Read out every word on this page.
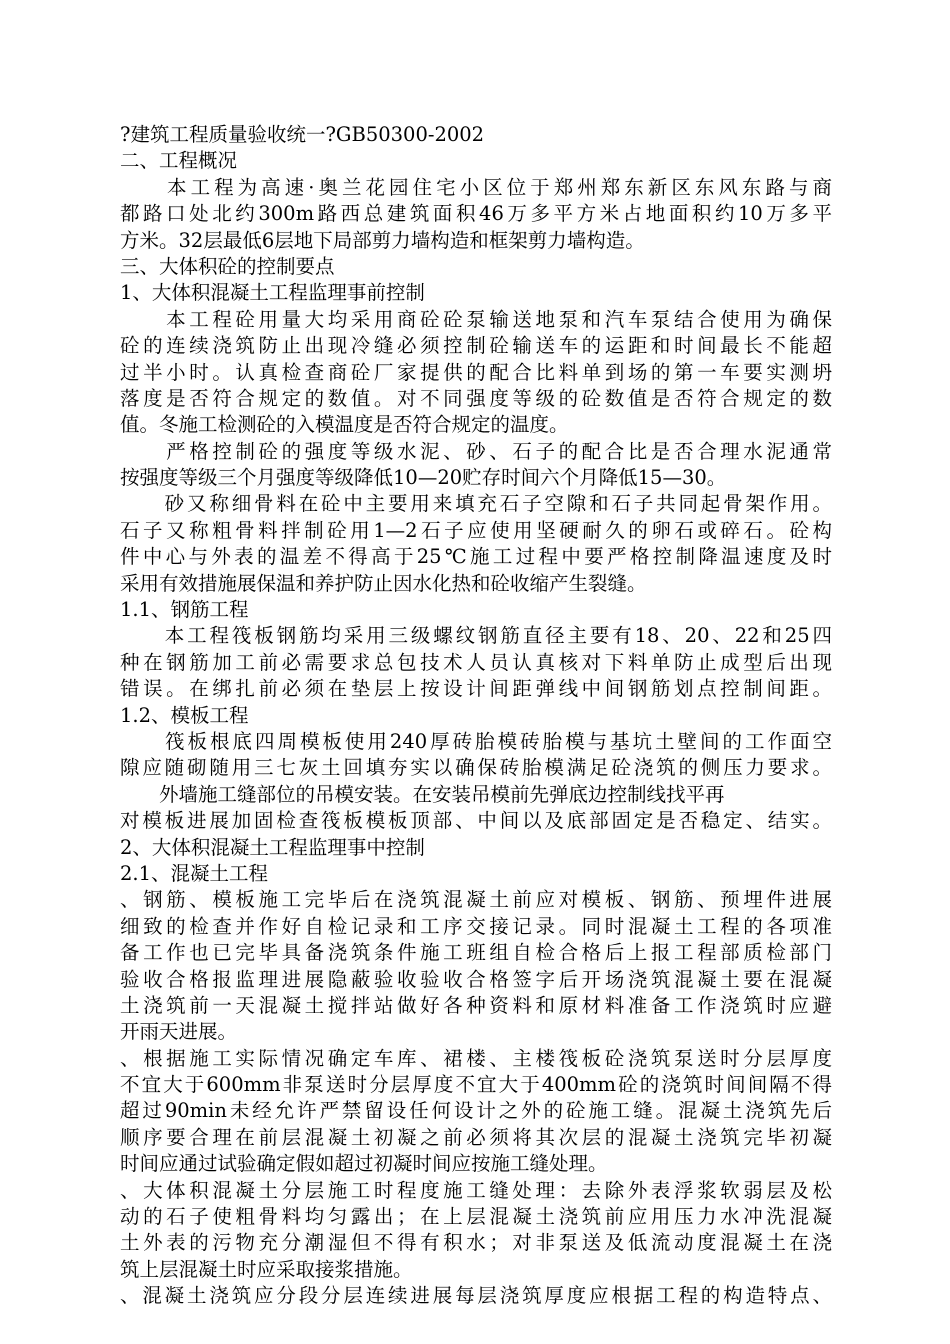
?建筑工程质量验收统一?GB50300-2002

二、工程概况

　　本工程为高速·奥兰花园住宅小区位于郑州郑东新区东风东路与商

都路口处北约300m路西总建筑面积46万多平方米占地面积约10万多平

方米。32层最低6层地下局部剪力墙构造和框架剪力墙构造。

三、大体积砼的控制要点

1、大体积混凝土工程监理事前控制

　　本工程砼用量大均采用商砼砼泵输送地泵和汽车泵结合使用为确保

砼的连续浇筑防止出现冷缝必须控制砼输送车的运距和时间最长不能超

过半小时。认真检查商砼厂家提供的配合比料单到场的第一车要实测坍

落度是否符合规定的数值。对不同强度等级的砼数值是否符合规定的数

值。冬施工检测砼的入模温度是否符合规定的温度。

　　严格控制砼的强度等级水泥、砂、石子的配合比是否合理水泥通常

按强度等级三个月强度等级降低10—20贮存时间六个月降低15—30。

　　砂又称细骨料在砼中主要用来填充石子空隙和石子共同起骨架作用。

石子又称粗骨料拌制砼用1—2石子应使用坚硬耐久的卵石或碎石。砼构

件中心与外表的温差不得高于25℃施工过程中要严格控制降温速度及时

采用有效措施展保温和养护防止因水化热和砼收缩产生裂缝。

1.1、钢筋工程

　　本工程筏板钢筋均采用三级螺纹钢筋直径主要有18、20、22和25四

种在钢筋加工前必需要求总包技术人员认真核对下料单防止成型后出现

错误。在绑扎前必须在垫层上按设计间距弹线中间钢筋划点控制间距。

1.2、模板工程

　　筏板根底四周模板使用240厚砖胎模砖胎模与基坑土壁间的工作面空

隙应随砌随用三七灰土回填夯实以确保砖胎模满足砼浇筑的侧压力要求。

　　外墙施工缝部位的吊模安装。在安装吊模前先弹底边控制线找平再

对模板进展加固检查筏板模板顶部、中间以及底部固定是否稳定、结实。

2、大体积混凝土工程监理事中控制

2.1、混凝土工程

、钢筋、模板施工完毕后在浇筑混凝土前应对模板、钢筋、预埋件进展

细致的检查并作好自检记录和工序交接记录。同时混凝土工程的各项准

备工作也已完毕具备浇筑条件施工班组自检合格后上报工程部质检部门

验收合格报监理进展隐蔽验收验收合格签字后开场浇筑混凝土要在混凝

土浇筑前一天混凝土搅拌站做好各种资料和原材料准备工作浇筑时应避

开雨天进展。

、根据施工实际情况确定车库、裙楼、主楼筏板砼浇筑泵送时分层厚度

不宜大于600mm非泵送时分层厚度不宜大于400mm砼的浇筑时间间隔不得

超过90min未经允许严禁留设任何设计之外的砼施工缝。混凝土浇筑先后

顺序要合理在前层混凝土初凝之前必须将其次层的混凝土浇筑完毕初凝

时间应通过试验确定假如超过初凝时间应按施工缝处理。

、大体积混凝土分层施工时程度施工缝处理：去除外表浮浆软弱层及松

动的石子使粗骨料均匀露出；在上层混凝土浇筑前应用压力水冲洗混凝

土外表的污物充分潮湿但不得有积水；对非泵送及低流动度混凝土在浇

筑上层混凝土时应采取接浆措施。

、混凝土浇筑应分段分层连续进展每层浇筑厚度应根据工程的构造特点、
